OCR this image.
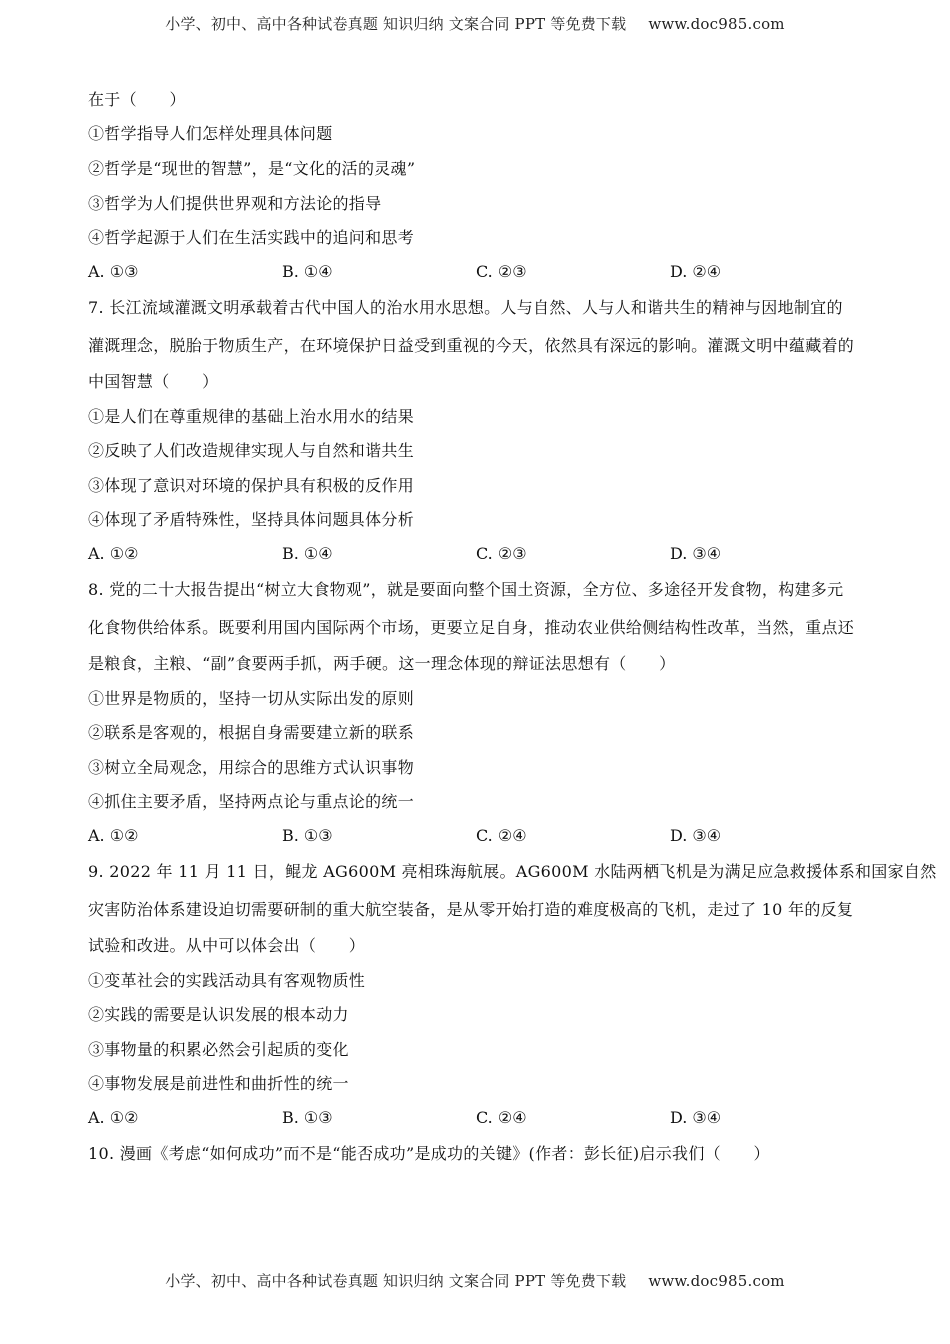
小学、初中、高中各种试卷真题 知识归纳 文案合同 PPT 等免费下载 www.doc985.com
在于（　　）
①哲学指导人们怎样处理具体问题
②哲学是“现世的智慧”，是“文化的活的灵魂”
③哲学为人们提供世界观和方法论的指导
④哲学起源于人们在生活实践中的追问和思考
A. ①③	B. ①④	C. ②③	D. ②④
7. 长江流域灌溉文明承载着古代中国人的治水用水思想。人与自然、人与人和谐共生的精神与因地制宜的
灌溉理念，脱胎于物质生产，在环境保护日益受到重视的今天，依然具有深远的影响。灌溉文明中蕴藏着的
中国智慧（　　）
①是人们在尊重规律的基础上治水用水的结果
②反映了人们改造规律实现人与自然和谐共生
③体现了意识对环境的保护具有积极的反作用
④体现了矛盾特殊性，坚持具体问题具体分析
A. ①②	B. ①④	C. ②③	D. ③④
8. 党的二十大报告提出“树立大食物观”，就是要面向整个国土资源，全方位、多途径开发食物，构建多元
化食物供给体系。既要利用国内国际两个市场，更要立足自身，推动农业供给侧结构性改革，当然，重点还
是粮食，主粮、“副”食要两手抓，两手硬。这一理念体现的辩证法思想有（　　）
①世界是物质的，坚持一切从实际出发的原则
②联系是客观的，根据自身需要建立新的联系
③树立全局观念，用综合的思维方式认识事物
④抓住主要矛盾，坚持两点论与重点论的统一
A. ①②	B. ①③	C. ②④	D. ③④
9. 2022 年 11 月 11 日，鲲龙 AG600M 亮相珠海航展。AG600M 水陆两栖飞机是为满足应急救援体系和国家自然
灾害防治体系建设迫切需要研制的重大航空装备，是从零开始打造的难度极高的飞机，走过了 10 年的反复
试验和改进。从中可以体会出（　　）
①变革社会的实践活动具有客观物质性
②实践的需要是认识发展的根本动力
③事物量的积累必然会引起质的变化
④事物发展是前进性和曲折性的统一
A. ①②	B. ①③	C. ②④	D. ③④
10. 漫画《考虑“如何成功”而不是“能否成功”是成功的关键》(作者：彭长征)启示我们（　　）
小学、初中、高中各种试卷真题 知识归纳 文案合同 PPT 等免费下载 www.doc985.com
